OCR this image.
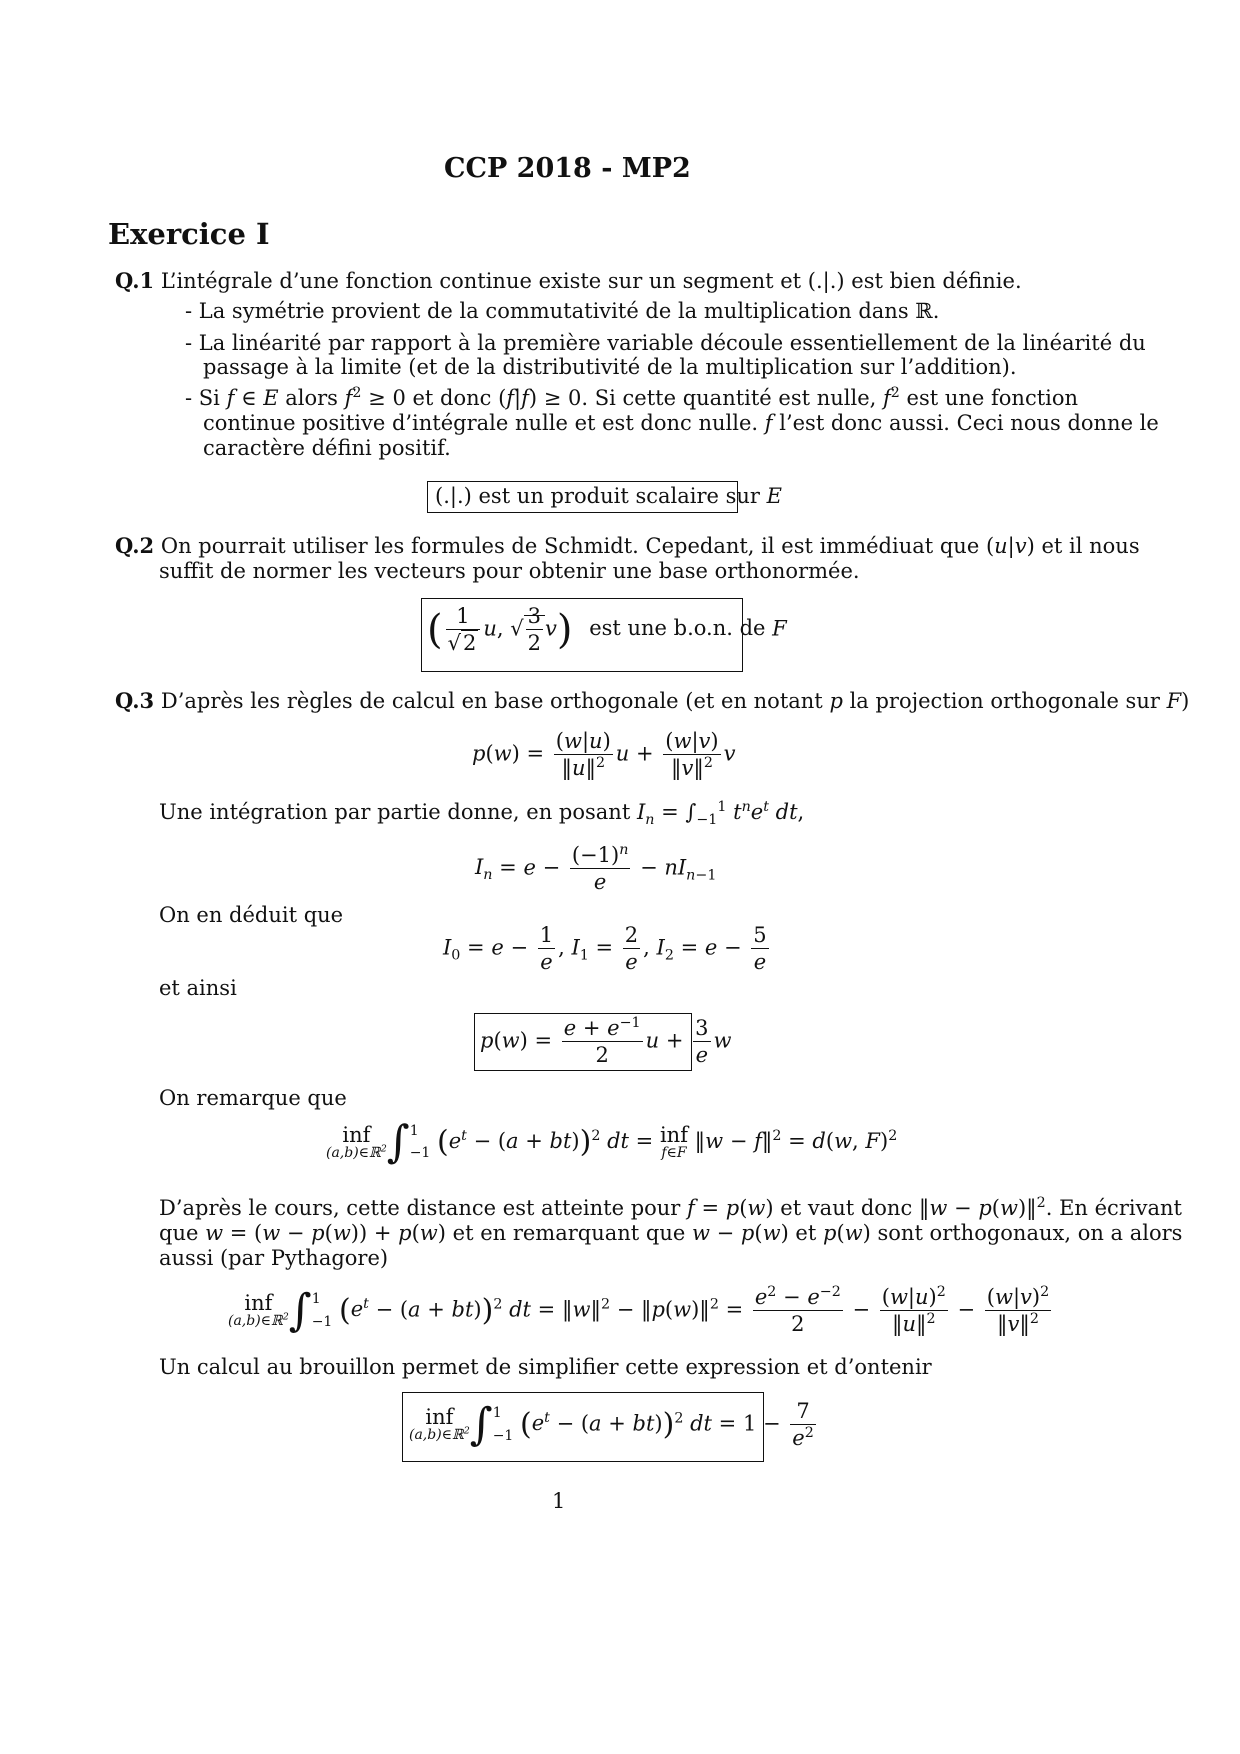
CCP 2018 - MP2
Exercice I
Q.1 L’intégrale d’une fonction continue existe sur un segment et (.|.) est bien définie.
- La symétrie provient de la commutativité de la multiplication dans ℝ.
- La linéarité par rapport à la première variable découle essentiellement de la linéarité du
passage à la limite (et de la distributivité de la multiplication sur l’addition).
- Si f ∈ E alors $f^2 \ge 0$ et donc (f|f) ≥ 0. Si cette quantité est nulle, $f^2$ est une fonction
continue positive d’intégrale nulle et est donc nulle. f l’est donc aussi. Ceci nous donne le
caractère défini positif.
(.|.) est un produit scalaire sur E
Q.2 On pourrait utiliser les formules de Schmidt. Cepedant, il est immédiuat que (u|v) et il nous
suffit de normer les vecteurs pour obtenir une base orthonormée.
( $\frac{1}{√2} u$, √ $\frac{3}{2} v$) est une b.o.n. de F
Q.3 D’après les règles de calcul en base orthogonale (et en notant p la projection orthogonale sur F)
$p(w) = \frac{(w|u)}{‖u‖^2}$ $u + \frac{(w|v)}{‖v‖^2}$ v
Une intégration par partie donne, en posant $I_n = \int_{-1}^1$ $t^ne^t$ dt,
$I_n = e - \frac{(-1)^n}{e} - nI_{n-1}$
On en déduit que
$I_0 = e - \frac{1}{e}$ , $I_1 = \frac{2}{e}$ , $I_2 = e - \frac{5}{e}$
et ainsi
$p(w) = \frac{e + e^{-1}}{2}$ $u + \frac{3}{e}$ w
On remarque que
inf
(a,b)∈ℝ$^2$ ∫1
−1 $(e^t - (a + bt))^2$ dt = inf
f∈F ‖w − f‖$^2$ = d(w, F)$^2$
D’après le cours, cette distance est atteinte pour f = p(w) et vaut donc ‖w − p(w)‖$^2$. En écrivant
que w = (w − p(w)) + p(w) et en remarquant que w − p(w) et p(w) sont orthogonaux, on a alors
aussi (par Pythagore)
inf
(a,b)∈ℝ$^2$ ∫1
−1 $(e^t - (a + bt))^2$ dt = ‖w‖$^2$ − ‖p(w)‖$^2$ = $\frac{e^2 - e^{-2}}{2} - \frac{(w|u)^2}{‖u‖^2} - \frac{(w|v)^2}{‖v‖^2}$
Un calcul au brouillon permet de simplifier cette expression et d’ontenir
inf
(a,b)∈ℝ$^2$ ∫1
−1 $(e^t - (a + bt))^2$ dt = $1 - \frac{7}{e^2}$
1
